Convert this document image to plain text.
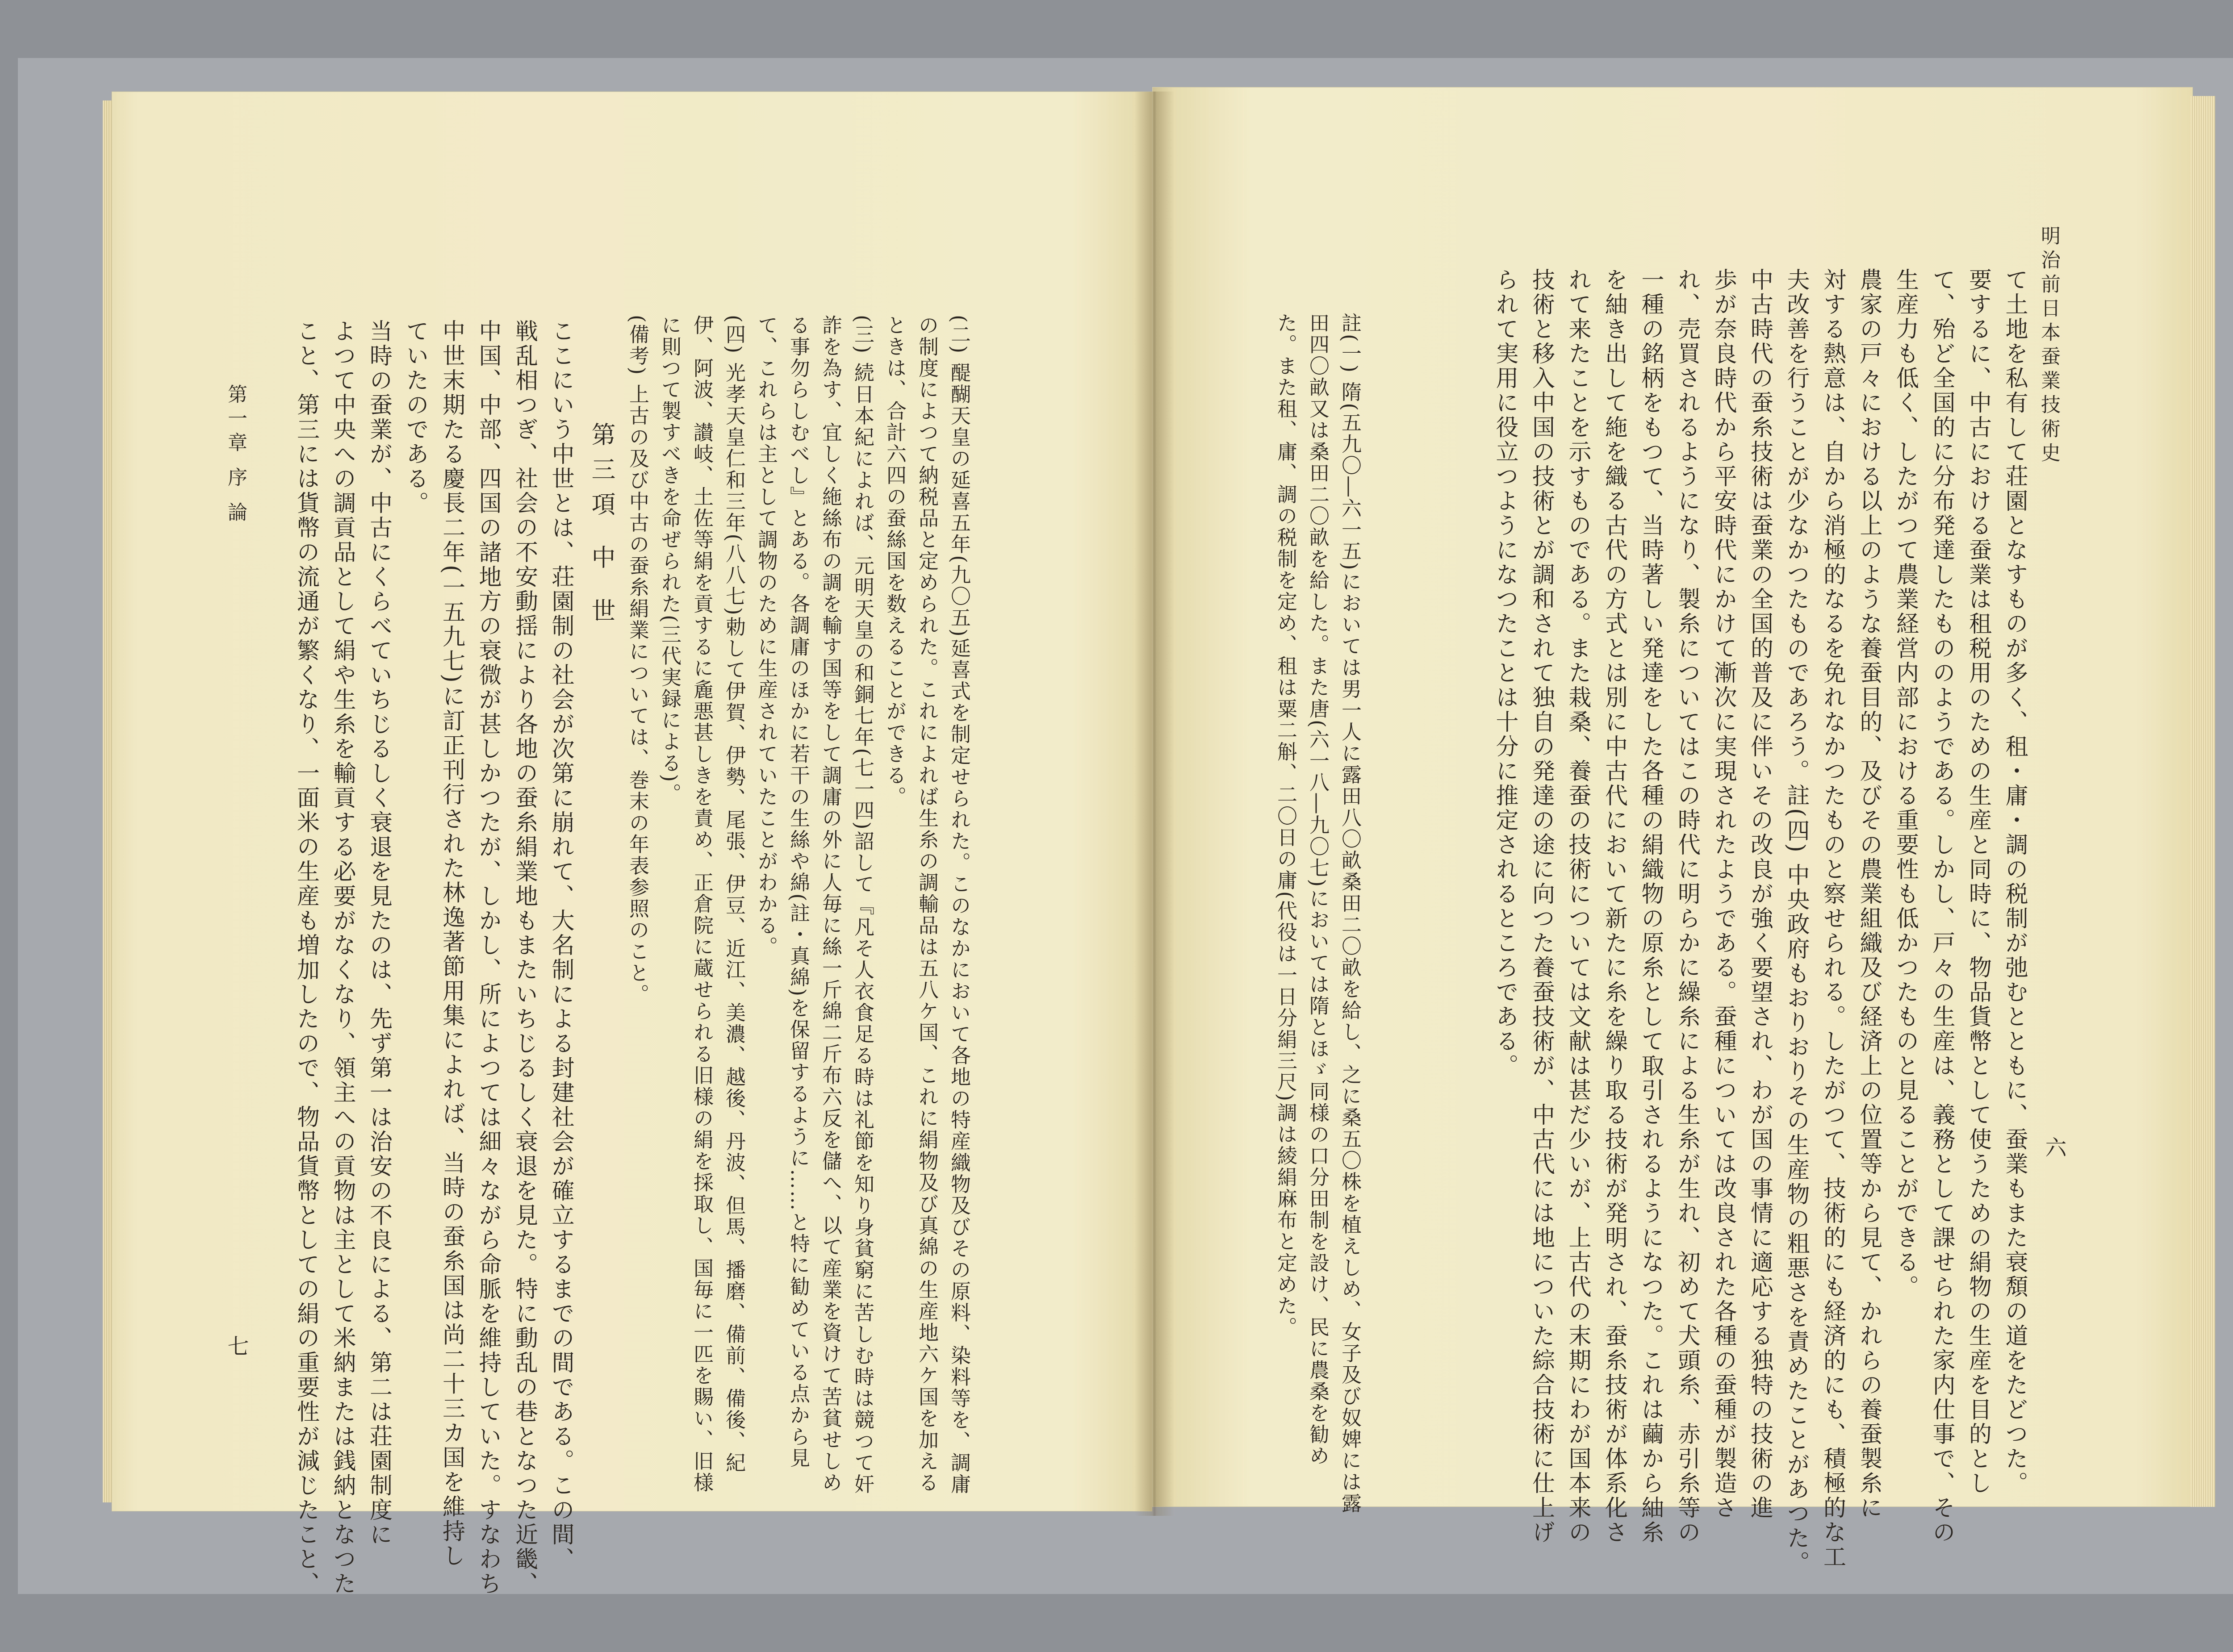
明治前日本蚕業技術史
六
て土地を私有して荘園となすものが多く、租・庸・調の税制が弛むとともに、蚕業もまた衰頽の道をたどつた。
要するに、中古における蚕業は租税用のための生産と同時に、物品貨幣として使うための絹物の生産を目的とし
て、殆ど全国的に分布発達したもののようである。しかし、戸々の生産は、義務として課せられた家内仕事で、その
生産力も低く、したがつて農業経営内部における重要性も低かつたものと見ることができる。
農家の戸々における以上のような養蚕目的、及びその農業組織及び経済上の位置等から見て、かれらの養蚕製糸に
対する熱意は、自から消極的なるを免れなかつたものと察せられる。したがつて、技術的にも経済的にも、積極的な工
夫改善を行うことが少なかつたものであろう。註(四) 中央政府もおりおりその生産物の粗悪さを責めたことがあつた。
中古時代の蚕糸技術は蚕業の全国的普及に伴いその改良が強く要望され、わが国の事情に適応する独特の技術の進
歩が奈良時代から平安時代にかけて漸次に実現されたようである。蚕種については改良された各種の蚕種が製造さ
れ、売買されるようになり、製糸についてはこの時代に明らかに繰糸による生糸が生れ、初めて犬頭糸、赤引糸等の
一種の銘柄をもつて、当時著しい発達をした各種の絹織物の原糸として取引されるようになつた。これは繭から紬糸
を紬き出して絁を織る古代の方式とは別に中古代において新たに糸を繰り取る技術が発明され、蚕糸技術が体系化さ
れて来たことを示すものである。また栽桑、養蚕の技術については文献は甚だ少いが、上古代の末期にわが国本来の
技術と移入中国の技術とが調和されて独自の発達の途に向つた養蚕技術が、中古代には地についた綜合技術に仕上げ
られて実用に役立つようになつたことは十分に推定されるところである。
註(一) 隋(五九〇―六一五)においては男一人に露田八〇畝桑田二〇畝を給し、之に桑五〇株を植えしめ、女子及び奴婢には露
田四〇畝又は桑田二〇畝を給した。また唐(六一八―九〇七)においては隋とほゞ同様の口分田制を設け、民に農桑を勧め
た。また租、庸、調の税制を定め、租は粟二斛、二〇日の庸(代役は一日分絹三尺)調は綾絹麻布と定めた。
(二) 醍醐天皇の延喜五年(九〇五)延喜式を制定せられた。このなかにおいて各地の特産織物及びその原料、染料等を、調庸
の制度によつて納税品と定められた。これによれば生糸の調輸品は五八ケ国、これに絹物及び真綿の生産地六ケ国を加える
ときは、合計六四の蚕絲国を数えることができる。
(三) 続日本紀によれば、元明天皇の和銅七年(七一四)詔して『凡そ人衣食足る時は礼節を知り身貧窮に苦しむ時は競つて奸
詐を為す、宜しく絁絲布の調を輸す国等をして調庸の外に人毎に絲一斤綿二斤布六反を儲へ、以て産業を資けて苦貧せしめ
る事勿らしむべし』とある。各調庸のほかに若干の生絲や綿(註・真綿)を保留するように……と特に勧めている点から見
て、これらは主として調物のために生産されていたことがわかる。
(四) 光孝天皇仁和三年(八八七)勅して伊賀、伊勢、尾張、伊豆、近江、美濃、越後、丹波、但馬、播磨、備前、備後、紀
伊、阿波、讃岐、土佐等絹を貢するに麁悪甚しきを責め、正倉院に蔵せられる旧様の絹を採取し、国毎に一匹を賜い、旧様
に則つて製すべきを命ぜられた(三代実録による)。
(備考) 上古の及び中古の蚕糸絹業については、巻末の年表参照のこと。
第三項 中 世
ここにいう中世とは、荘園制の社会が次第に崩れて、大名制による封建社会が確立するまでの間である。この間、
戦乱相つぎ、社会の不安動揺により各地の蚕糸絹業地もまたいちじるしく衰退を見た。特に動乱の巷となつた近畿、
中国、中部、四国の諸地方の衰微が甚しかつたが、しかし、所によつては細々ながら命脈を維持していた。すなわち
中世末期たる慶長二年(一五九七)に訂正刊行された林逸著節用集によれば、当時の蚕糸国は尚二十三カ国を維持し
ていたのである。
当時の蚕業が、中古にくらべていちじるしく衰退を見たのは、先ず第一は治安の不良による、第二は荘園制度に
よつて中央への調貢品として絹や生糸を輸貢する必要がなくなり、領主への貢物は主として米納または銭納となつた
こと、第三には貨幣の流通が繁くなり、一面米の生産も増加したので、物品貨幣としての絹の重要性が減じたこと、
第一章 序 論
七
